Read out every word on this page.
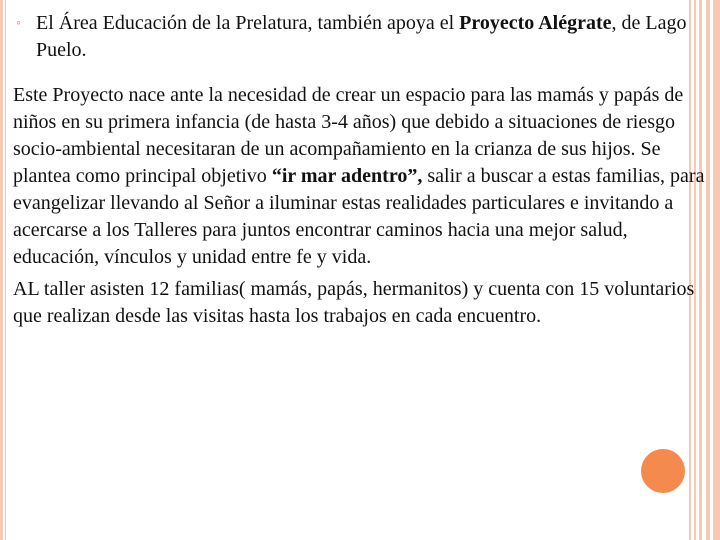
◦ El Área Educación de la Prelatura, también apoya el Proyecto Alégrate, de Lago Puelo.

Este Proyecto nace ante la necesidad de crear un espacio para las mamás y papás de niños en su primera infancia (de hasta 3-4 años) que debido a situaciones de riesgo socio-ambiental necesitaran de un acompañamiento en la crianza de sus hijos. Se plantea como principal objetivo “ir mar adentro”, salir a buscar a estas familias, para evangelizar llevando al Señor a iluminar estas realidades particulares e invitando a acercarse a los Talleres para juntos encontrar caminos hacia una mejor salud, educación, vínculos y unidad entre fe y vida.

AL taller asisten 12 familias( mamás, papás, hermanitos) y cuenta con 15 voluntarios que realizan desde las visitas hasta los trabajos en cada encuentro.
